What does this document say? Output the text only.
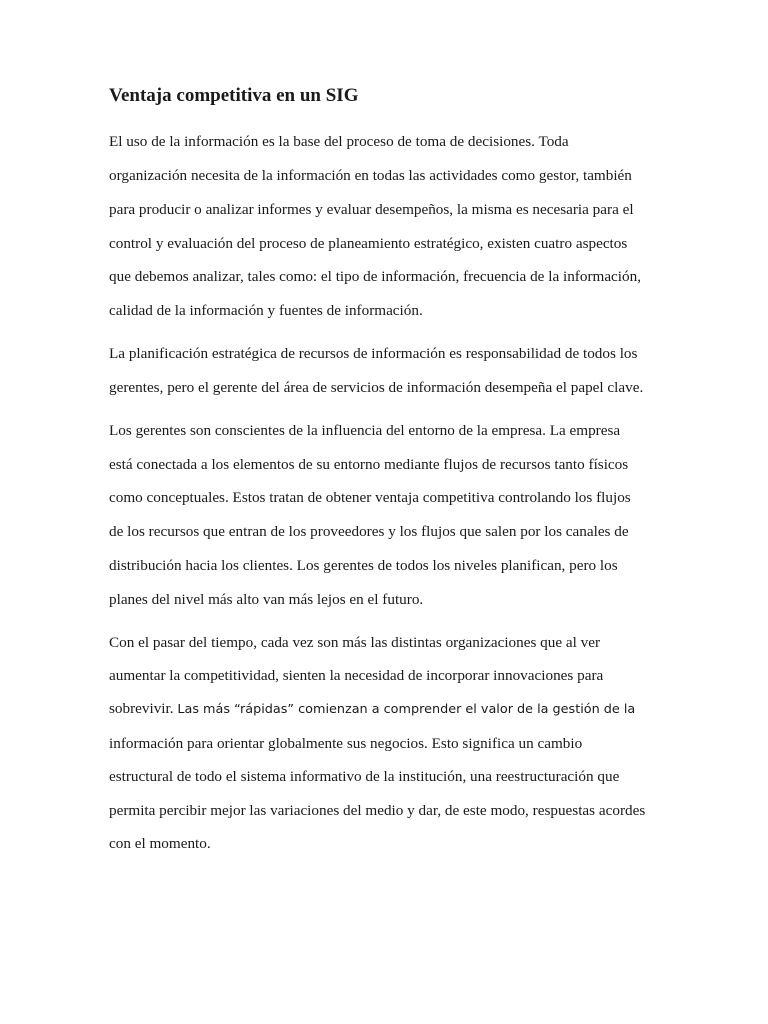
Ventaja competitiva en un SIG

El uso de la información es la base del proceso de toma de decisiones. Toda

organización necesita de la información en todas las actividades como gestor, también

para producir o analizar informes y evaluar desempeños, la misma es necesaria para el

control y evaluación del proceso de planeamiento estratégico, existen cuatro aspectos

que debemos analizar, tales como: el tipo de información, frecuencia de la información,

calidad de la información y fuentes de información.

La planificación estratégica de recursos de información es responsabilidad de todos los

gerentes, pero el gerente del área de servicios de información desempeña el papel clave.

Los gerentes son conscientes de la influencia del entorno de la empresa. La empresa

está conectada a los elementos de su entorno mediante flujos de recursos tanto físicos

como conceptuales. Estos tratan de obtener ventaja competitiva controlando los flujos

de los recursos que entran de los proveedores y los flujos que salen por los canales de

distribución hacia los clientes. Los gerentes de todos los niveles planifican, pero los

planes del nivel más alto van más lejos en el futuro.

Con el pasar del tiempo, cada vez son más las distintas organizaciones que al ver

aumentar la competitividad, sienten la necesidad de incorporar innovaciones para

sobrevivir. Las más “rápidas” comienzan a comprender el valor de la gestión de la

información para orientar globalmente sus negocios. Esto significa un cambio

estructural de todo el sistema informativo de la institución, una reestructuración que

permita percibir mejor las variaciones del medio y dar, de este modo, respuestas acordes

con el momento.
